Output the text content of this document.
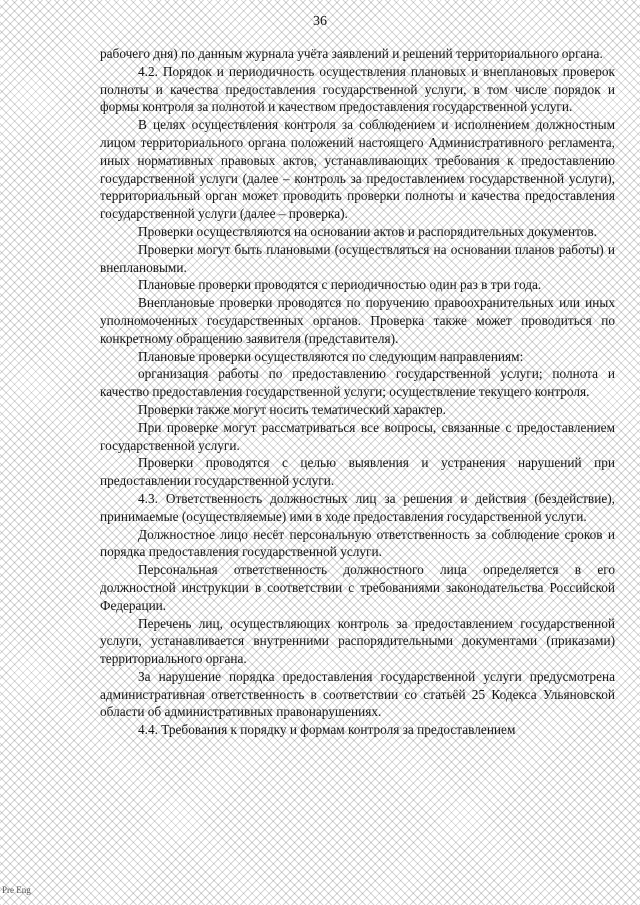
36

рабочего дня) по данным журнала учёта заявлений и решений территориального органа.

4.2. Порядок и периодичность осуществления плановых и внеплановых проверок полноты и качества предоставления государственной услуги, в том числе порядок и формы контроля за полнотой и качеством предоставления государственной услуги.

В целях осуществления контроля за соблюдением и исполнением должностным лицом территориального органа положений настоящего Административного регламента, иных нормативных правовых актов, устанавливающих требования к предоставлению государственной услуги (далее – контроль за предоставлением государственной услуги), территориальный орган может проводить проверки полноты и качества предоставления государственной услуги (далее – проверка).

Проверки осуществляются на основании актов и распорядительных документов.

Проверки могут быть плановыми (осуществляться на основании планов работы) и внеплановыми.

Плановые проверки проводятся с периодичностью один раз в три года.

Внеплановые проверки проводятся по поручению правоохранительных или иных уполномоченных государственных органов. Проверка также может проводиться по конкретному обращению заявителя (представителя).

Плановые проверки осуществляются по следующим направлениям:

организация работы по предоставлению государственной услуги; полнота и качество предоставления государственной услуги; осуществление текущего контроля.

Проверки также могут носить тематический характер.

При проверке могут рассматриваться все вопросы, связанные с предоставлением государственной услуги.

Проверки проводятся с целью выявления и устранения нарушений при предоставлении государственной услуги.

4.3. Ответственность должностных лиц за решения и действия (бездействие), принимаемые (осуществляемые) ими в ходе предоставления государственной услуги.

Должностное лицо несёт персональную ответственность за соблюдение сроков и порядка предоставления государственной услуги.

Персональная ответственность должностного лица определяется в его должностной инструкции в соответствии с требованиями законодательства Российской Федерации.

Перечень лиц, осуществляющих контроль за предоставлением государственной услуги, устанавливается внутренними распорядительными документами (приказами) территориального органа.

За нарушение порядка предоставления государственной услуги предусмотрена административная ответственность в соответствии со статьёй 25 Кодекса Ульяновской области об административных правонарушениях.

4.4. Требования к порядку и формам контроля за предоставлением

Pre Eng
